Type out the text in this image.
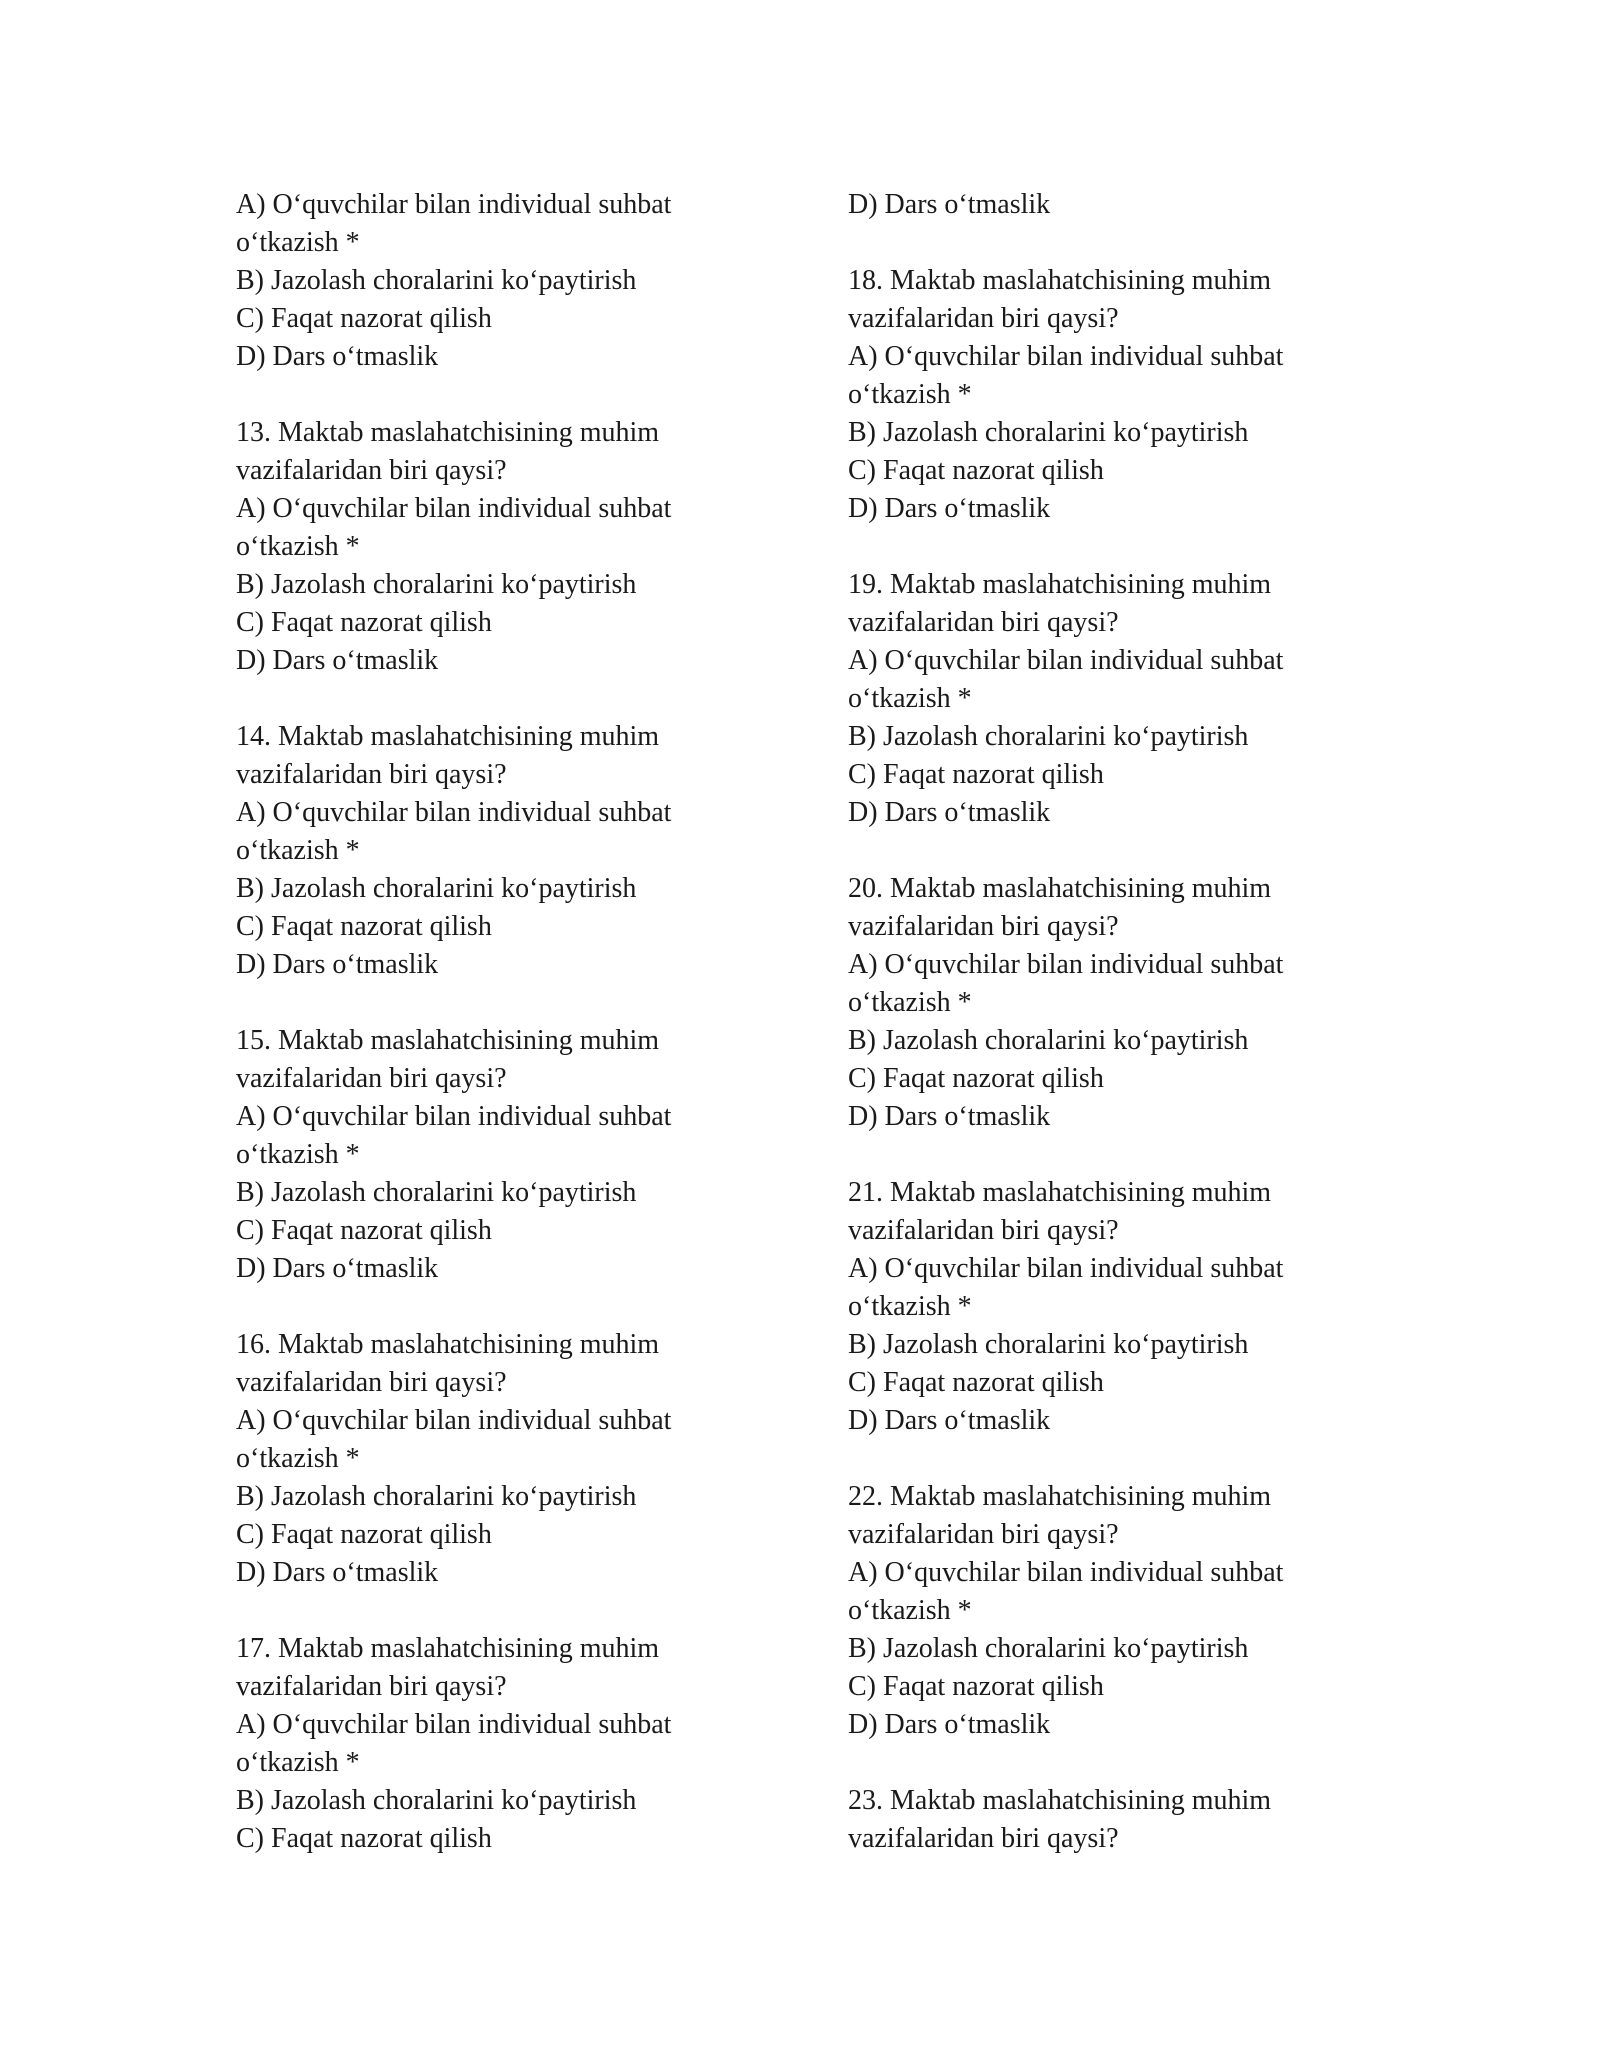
A) O‘quvchilar bilan individual suhbat
o‘tkazish *
B) Jazolash choralarini ko‘paytirish
C) Faqat nazorat qilish
D) Dars o‘tmaslik
13. Maktab maslahatchisining muhim
vazifalaridan biri qaysi?
A) O‘quvchilar bilan individual suhbat
o‘tkazish *
B) Jazolash choralarini ko‘paytirish
C) Faqat nazorat qilish
D) Dars o‘tmaslik
14. Maktab maslahatchisining muhim
vazifalaridan biri qaysi?
A) O‘quvchilar bilan individual suhbat
o‘tkazish *
B) Jazolash choralarini ko‘paytirish
C) Faqat nazorat qilish
D) Dars o‘tmaslik
15. Maktab maslahatchisining muhim
vazifalaridan biri qaysi?
A) O‘quvchilar bilan individual suhbat
o‘tkazish *
B) Jazolash choralarini ko‘paytirish
C) Faqat nazorat qilish
D) Dars o‘tmaslik
16. Maktab maslahatchisining muhim
vazifalaridan biri qaysi?
A) O‘quvchilar bilan individual suhbat
o‘tkazish *
B) Jazolash choralarini ko‘paytirish
C) Faqat nazorat qilish
D) Dars o‘tmaslik
17. Maktab maslahatchisining muhim
vazifalaridan biri qaysi?
A) O‘quvchilar bilan individual suhbat
o‘tkazish *
B) Jazolash choralarini ko‘paytirish
C) Faqat nazorat qilish
D) Dars o‘tmaslik
18. Maktab maslahatchisining muhim
vazifalaridan biri qaysi?
A) O‘quvchilar bilan individual suhbat
o‘tkazish *
B) Jazolash choralarini ko‘paytirish
C) Faqat nazorat qilish
D) Dars o‘tmaslik
19. Maktab maslahatchisining muhim
vazifalaridan biri qaysi?
A) O‘quvchilar bilan individual suhbat
o‘tkazish *
B) Jazolash choralarini ko‘paytirish
C) Faqat nazorat qilish
D) Dars o‘tmaslik
20. Maktab maslahatchisining muhim
vazifalaridan biri qaysi?
A) O‘quvchilar bilan individual suhbat
o‘tkazish *
B) Jazolash choralarini ko‘paytirish
C) Faqat nazorat qilish
D) Dars o‘tmaslik
21. Maktab maslahatchisining muhim
vazifalaridan biri qaysi?
A) O‘quvchilar bilan individual suhbat
o‘tkazish *
B) Jazolash choralarini ko‘paytirish
C) Faqat nazorat qilish
D) Dars o‘tmaslik
22. Maktab maslahatchisining muhim
vazifalaridan biri qaysi?
A) O‘quvchilar bilan individual suhbat
o‘tkazish *
B) Jazolash choralarini ko‘paytirish
C) Faqat nazorat qilish
D) Dars o‘tmaslik
23. Maktab maslahatchisining muhim
vazifalaridan biri qaysi?
